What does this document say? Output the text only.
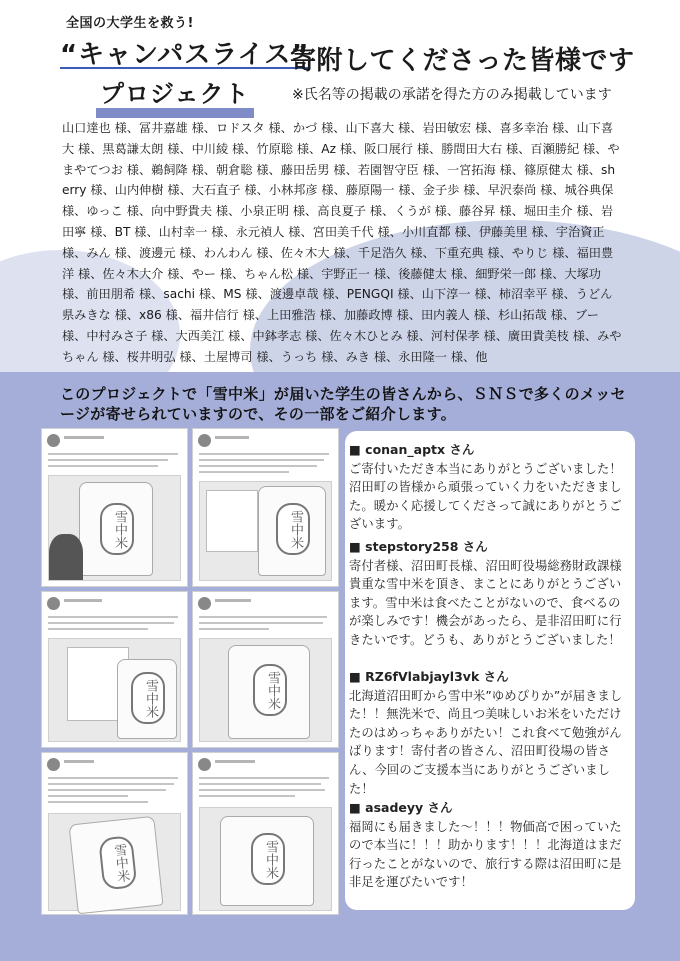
全国の大学生を救う!
“キャンパスライス”
寄附してくださった皆様です
プロジェクト	※氏名等の掲載の承諾を得た方のみ掲載しています
山口達也 様、冨井嘉雄 様、ロドスタ 様、かづ 様、山下喜大 様、岩田敏宏 様、喜多幸治 様、山下喜大 様、黒葛謙太朗 様、中川綾 様、竹原聡 様、Az 様、阪口展行 様、勝間田大右 様、百瀬勝紀 様、やまやてつお 様、鵜飼降 様、朝倉聡 様、藤田岳男 様、若園智守臣 様、一宮拓海 様、篠原健太 様、sherry 様、山内伸樹 様、大石直子 様、小林邦彦 様、藤原陽一 様、金子歩 様、早沢泰尚 様、城谷典保 様、ゆっこ 様、向中野貴夫 様、小泉正明 様、高良夏子 様、くうが 様、藤谷昇 様、堀田圭介 様、岩田寧 様、BT 様、山村幸一 様、永元禎人 様、宮田美千代 様、小川直都 様、伊藤美里 様、宇治資正 様、みん 様、渡邊元 様、わんわん 様、佐々木大 様、千足浩久 様、下重充典 様、やりじ 様、福田豊洋 様、佐々木大介 様、やー 様、ちゃん松 様、宇野正一 様、後藤健太 様、細野栄一郎 様、大塚功 様、前田朋希 様、sachi 様、MS 様、渡邊卓哉 様、PENGQI 様、山下淳一 様、柿沼幸平 様、うどん県みきな 様、x86 様、福井信行 様、上田雅浩 様、加藤政博 様、田内義人 様、杉山拓哉 様、ブー 様、中村みさ子 様、大西美江 様、中鉢孝志 様、佐々木ひとみ 様、河村保孝 様、廣田貴美枝 様、みやちゃん 様、桜井明弘 様、土屋博司 様、うっち 様、みき 様、永田隆一 様、他
このプロジェクトで「雪中米」が届いた学生の皆さんから、ＳＮＳで多くのメッセージが寄せられていますので、その一部をご紹介します。
雪中米	雪中米
雪中米	雪中米
雪中米	雪中米
■ conan_aptx さん
ご寄付いただき本当にありがとうございました！沼田町の皆様から頑張っていく力をいただきました。暖かく応援してくださって誠にありがとうございます。
■ stepstory258 さん
寄付者様、沼田町長様、沼田町役場総務財政課様貴重な雪中米を頂き、まことにありがとうございます。雪中米は食べたことがないので、食べるのが楽しみです！機会があったら、是非沼田町に行きたいです。どうも、ありがとうございました！
■ RZ6fVlabjayl3vk さん
北海道沼田町から雪中米”ゆめぴりか”が届きました！！無洗米で、尚且つ美味しいお米をいただけたのはめっちゃありがたい！これ食べて勉強がんばります！寄付者の皆さん、沼田町役場の皆さん、今回のご支援本当にありがとうございました！
■ asadeyy さん
福岡にも届きました～！！！物価高で困っていたので本当に！！！助かります！！！北海道はまだ行ったことがないので、旅行する際は沼田町に是非足を運びたいです！
